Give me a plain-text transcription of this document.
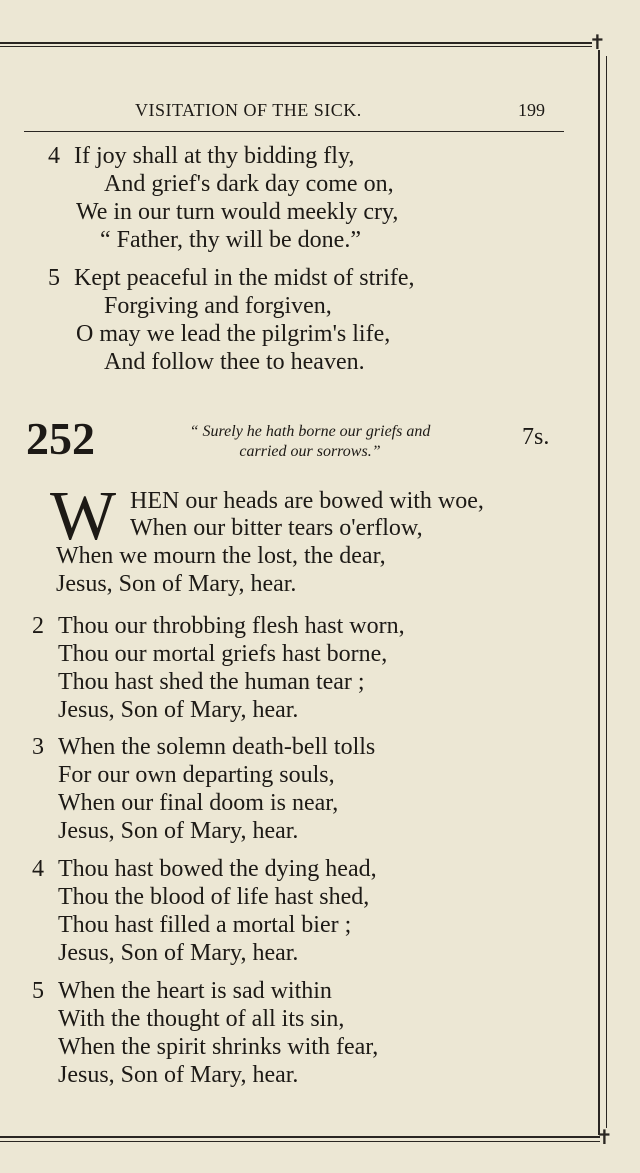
✝
✝
VISITATION OF THE SICK.	199
4 If joy shall at thy bidding fly,
And grief's dark day come on,
We in our turn would meekly cry,
“ Father, thy will be done.”
5 Kept peaceful in the midst of strife,
Forgiving and forgiven,
O may we lead the pilgrim's life,
And follow thee to heaven.
252	“ Surely he hath borne our griefs and
carried our sorrows.”
7s.
W HEN our heads are bowed with woe,
When our bitter tears o'erflow,
When we mourn the lost, the dear,
Jesus, Son of Mary, hear.
2 Thou our throbbing flesh hast worn,
Thou our mortal griefs hast borne,
Thou hast shed the human tear ;
Jesus, Son of Mary, hear.
3 When the solemn death-bell tolls
For our own departing souls,
When our final doom is near,
Jesus, Son of Mary, hear.
4 Thou hast bowed the dying head,
Thou the blood of life hast shed,
Thou hast filled a mortal bier ;
Jesus, Son of Mary, hear.
5 When the heart is sad within
With the thought of all its sin,
When the spirit shrinks with fear,
Jesus, Son of Mary, hear.
